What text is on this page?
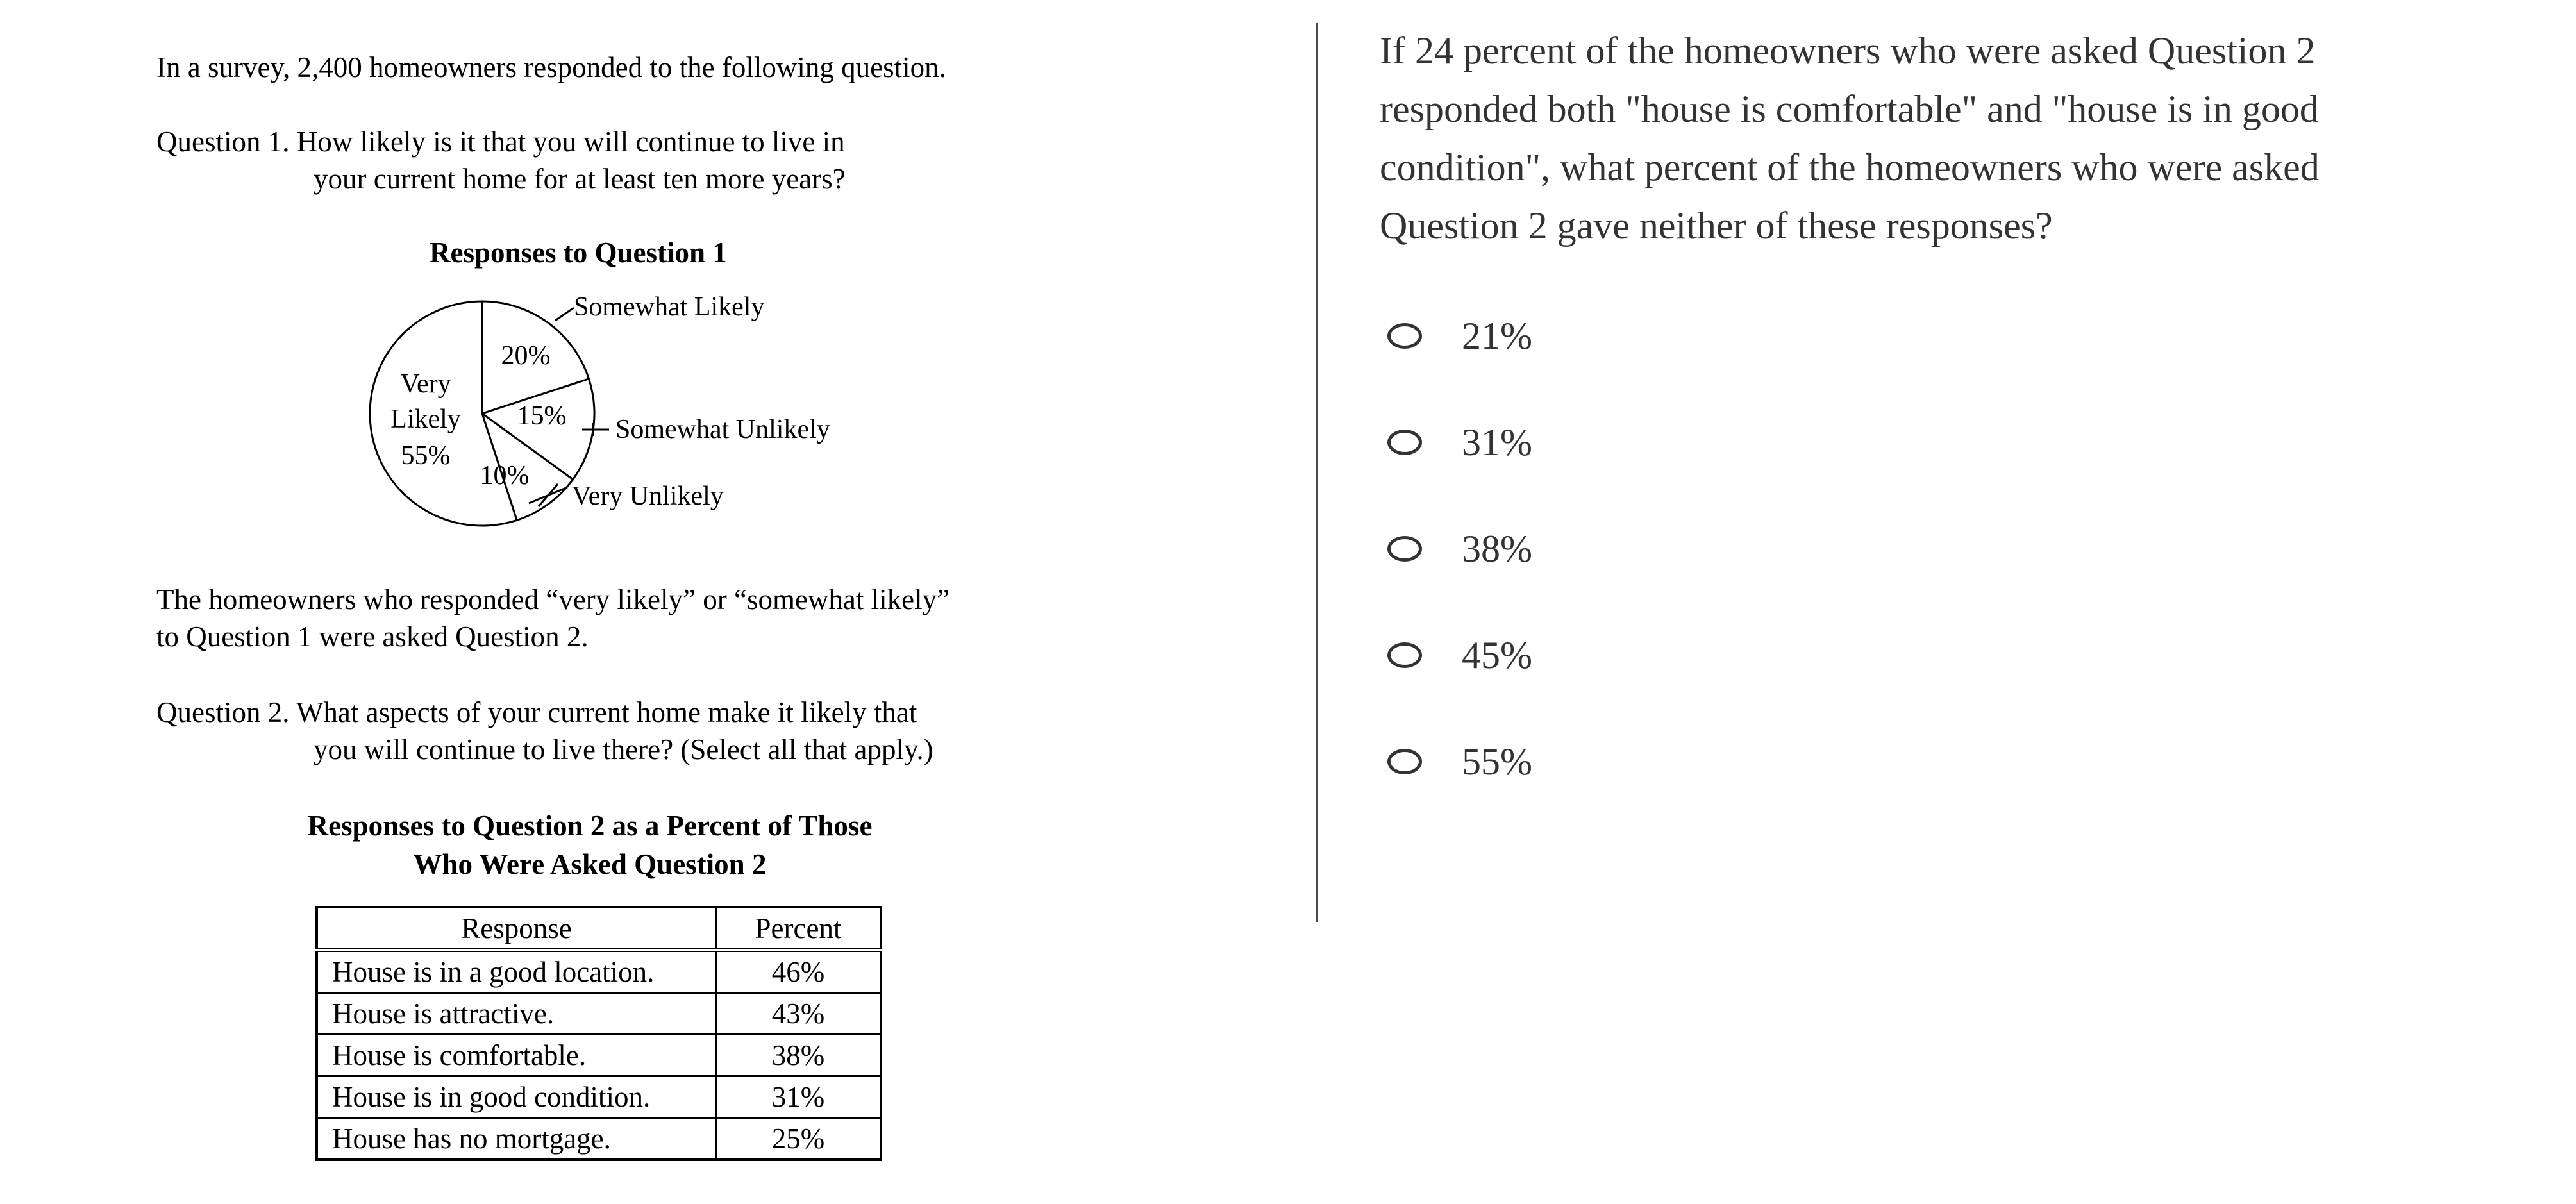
In a survey, 2,400 homeowners responded to the following question.
Question 1. How likely is it that you will continue to live in
your current home for at least ten more years?
Responses to Question 1
20%
15%
10%
Very
Likely
55%
Somewhat Likely
Somewhat Unlikely
Very Unlikely
The homeowners who responded “very likely” or “somewhat likely”
to Question 1 were asked Question 2.
Question 2. What aspects of your current home make it likely that
you will continue to live there? (Select all that apply.)
Responses to Question 2 as a Percent of Those
Who Were Asked Question 2
Response	Percent
House is in a good location.	46%
House is attractive.	43%
House is comfortable.	38%
House is in good condition.	31%
House has no mortgage.	25%
If 24 percent of the homeowners who were asked Question 2 responded both "house is comfortable" and "house is in good condition", what percent of the homeowners who were asked Question 2 gave neither of these responses?
21%
31%
38%
45%
55%
